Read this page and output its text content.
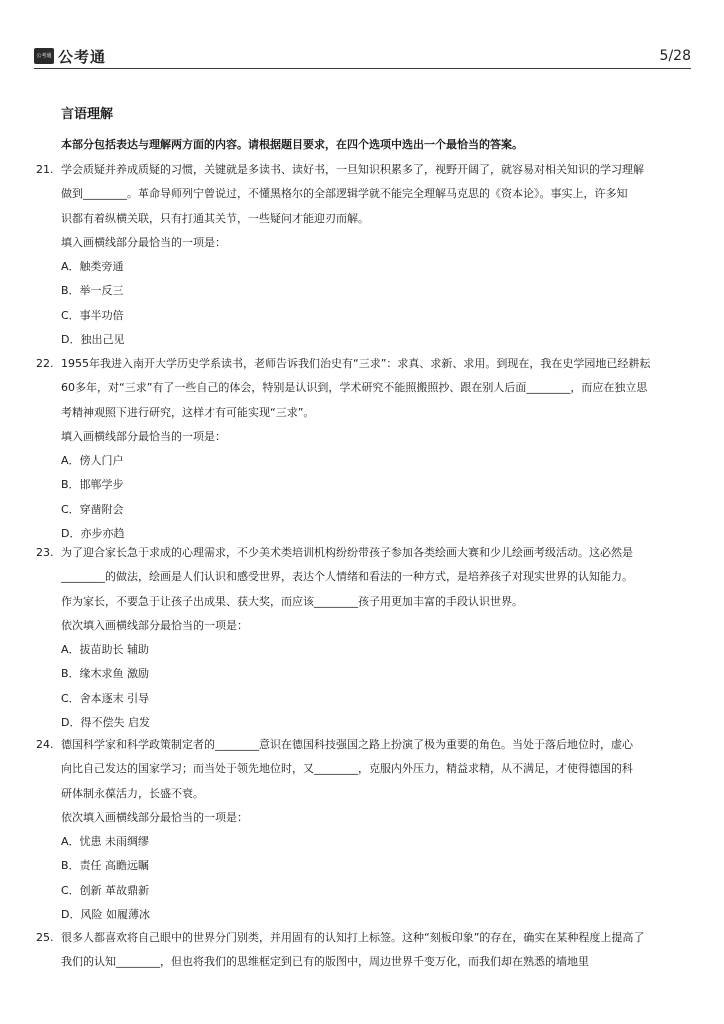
公考通 公考通	5/28
言语理解
本部分包括表达与理解两方面的内容。请根据题目要求，在四个选项中选出一个最恰当的答案。
21. 学会质疑并养成质疑的习惯，关键就是多读书、读好书，一旦知识积累多了，视野开阔了，就容易对相关知识的学习理解
做到________。革命导师列宁曾说过，不懂黑格尔的全部逻辑学就不能完全理解马克思的《资本论》。事实上，许多知
识都有着纵横关联，只有打通其关节，一些疑问才能迎刃而解。
填入画横线部分最恰当的一项是：
A．触类旁通
B．举一反三
C．事半功倍
D．独出己见
22. 1955年我进入南开大学历史学系读书，老师告诉我们治史有“三求”：求真、求新、求用。到现在，我在史学园地已经耕耘
60多年，对“三求”有了一些自己的体会，特别是认识到，学术研究不能照搬照抄、跟在别人后面________，而应在独立思
考精神观照下进行研究，这样才有可能实现“三求”。
填入画横线部分最恰当的一项是：
A．傍人门户
B．邯郸学步
C．穿凿附会
D．亦步亦趋
23. 为了迎合家长急于求成的心理需求，不少美术类培训机构纷纷带孩子参加各类绘画大赛和少儿绘画考级活动。这必然是
________的做法，绘画是人们认识和感受世界，表达个人情绪和看法的一种方式，是培养孩子对现实世界的认知能力。
作为家长，不要急于让孩子出成果、获大奖，而应该________孩子用更加丰富的手段认识世界。
依次填入画横线部分最恰当的一项是：
A．拔苗助长 辅助
B．缘木求鱼 激励
C．舍本逐末 引导
D．得不偿失 启发
24. 德国科学家和科学政策制定者的________意识在德国科技强国之路上扮演了极为重要的角色。当处于落后地位时，虚心
向比自己发达的国家学习；而当处于领先地位时，又________，克服内外压力，精益求精，从不满足，才使得德国的科
研体制永葆活力，长盛不衰。
依次填入画横线部分最恰当的一项是：
A．忧患 未雨绸缪
B．责任 高瞻远瞩
C．创新 革故鼎新
D．风险 如履薄冰
25. 很多人都喜欢将自己眼中的世界分门别类，并用固有的认知打上标签。这种“刻板印象”的存在，确实在某种程度上提高了
我们的认知________，但也将我们的思维框定到已有的版图中，周边世界千变万化，而我们却在熟悉的墙地里
